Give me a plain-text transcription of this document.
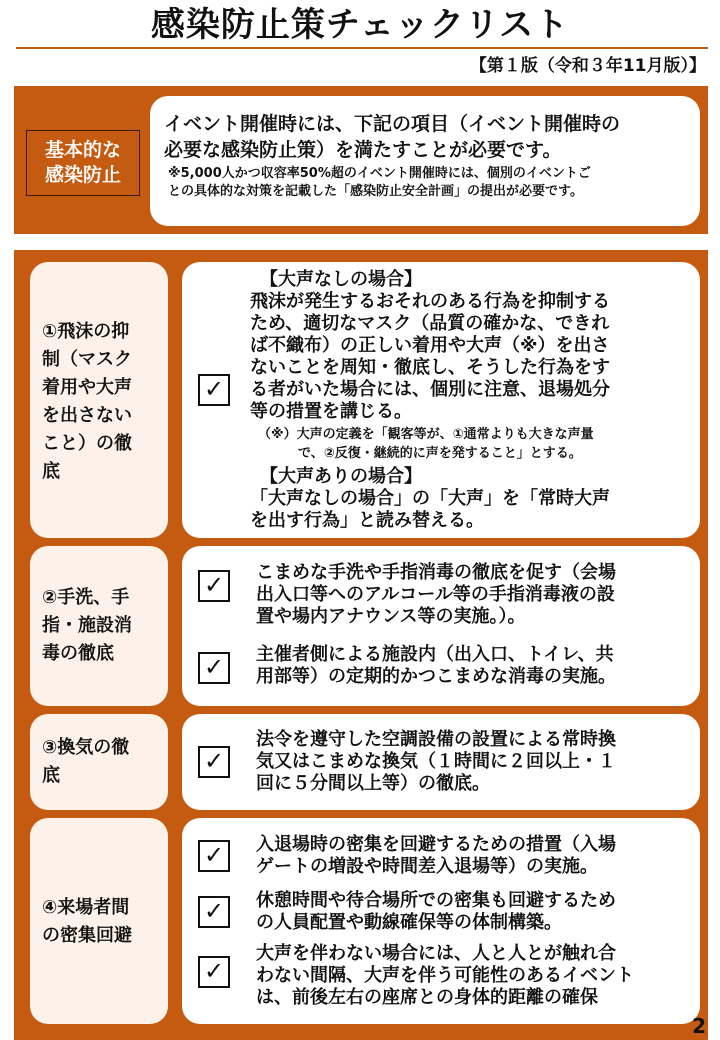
感染防止策チェックリスト
【第１版（令和３年11月版）】
基本的な
感染防止
イベント開催時には、下記の項目（イベント開催時の
必要な感染防止策）を満たすことが必要です。
※5,000人かつ収容率50%超のイベント開催時には、個別のイベントご
との具体的な対策を記載した「感染防止安全計画」の提出が必要です。
①飛沫の抑
制（マスク
着用や大声
を出さない
こと）の徹
底
✓
【大声なしの場合】
飛沫が発生するおそれのある行為を抑制する
ため、適切なマスク（品質の確かな、できれ
ば不織布）の正しい着用や大声（※）を出さ
ないことを周知・徹底し、そうした行為をす
る者がいた場合には、個別に注意、退場処分
等の措置を講じる。
（※）大声の定義を「観客等が、①通常よりも大きな声量
で、②反復・継続的に声を発すること」とする。
【大声ありの場合】
「大声なしの場合」の「大声」を「常時大声
を出す行為」と読み替える。
②手洗、手
指・施設消
毒の徹底
✓	こまめな手洗や手指消毒の徹底を促す（会場
出入口等へのアルコール等の手指消毒液の設
置や場内アナウンス等の実施。）。
✓	主催者側による施設内（出入口、トイレ、共
用部等）の定期的かつこまめな消毒の実施。
③換気の徹
底
✓
法令を遵守した空調設備の設置による常時換
気又はこまめな換気（１時間に２回以上・１
回に５分間以上等）の徹底。
④来場者間
の密集回避
✓	入退場時の密集を回避するための措置（入場
ゲートの増設や時間差入退場等）の実施。
✓	休憩時間や待合場所での密集も回避するため
の人員配置や動線確保等の体制構築。
✓
大声を伴わない場合には、人と人とが触れ合
わない間隔、大声を伴う可能性のあるイベント
は、前後左右の座席との身体的距離の確保
2
